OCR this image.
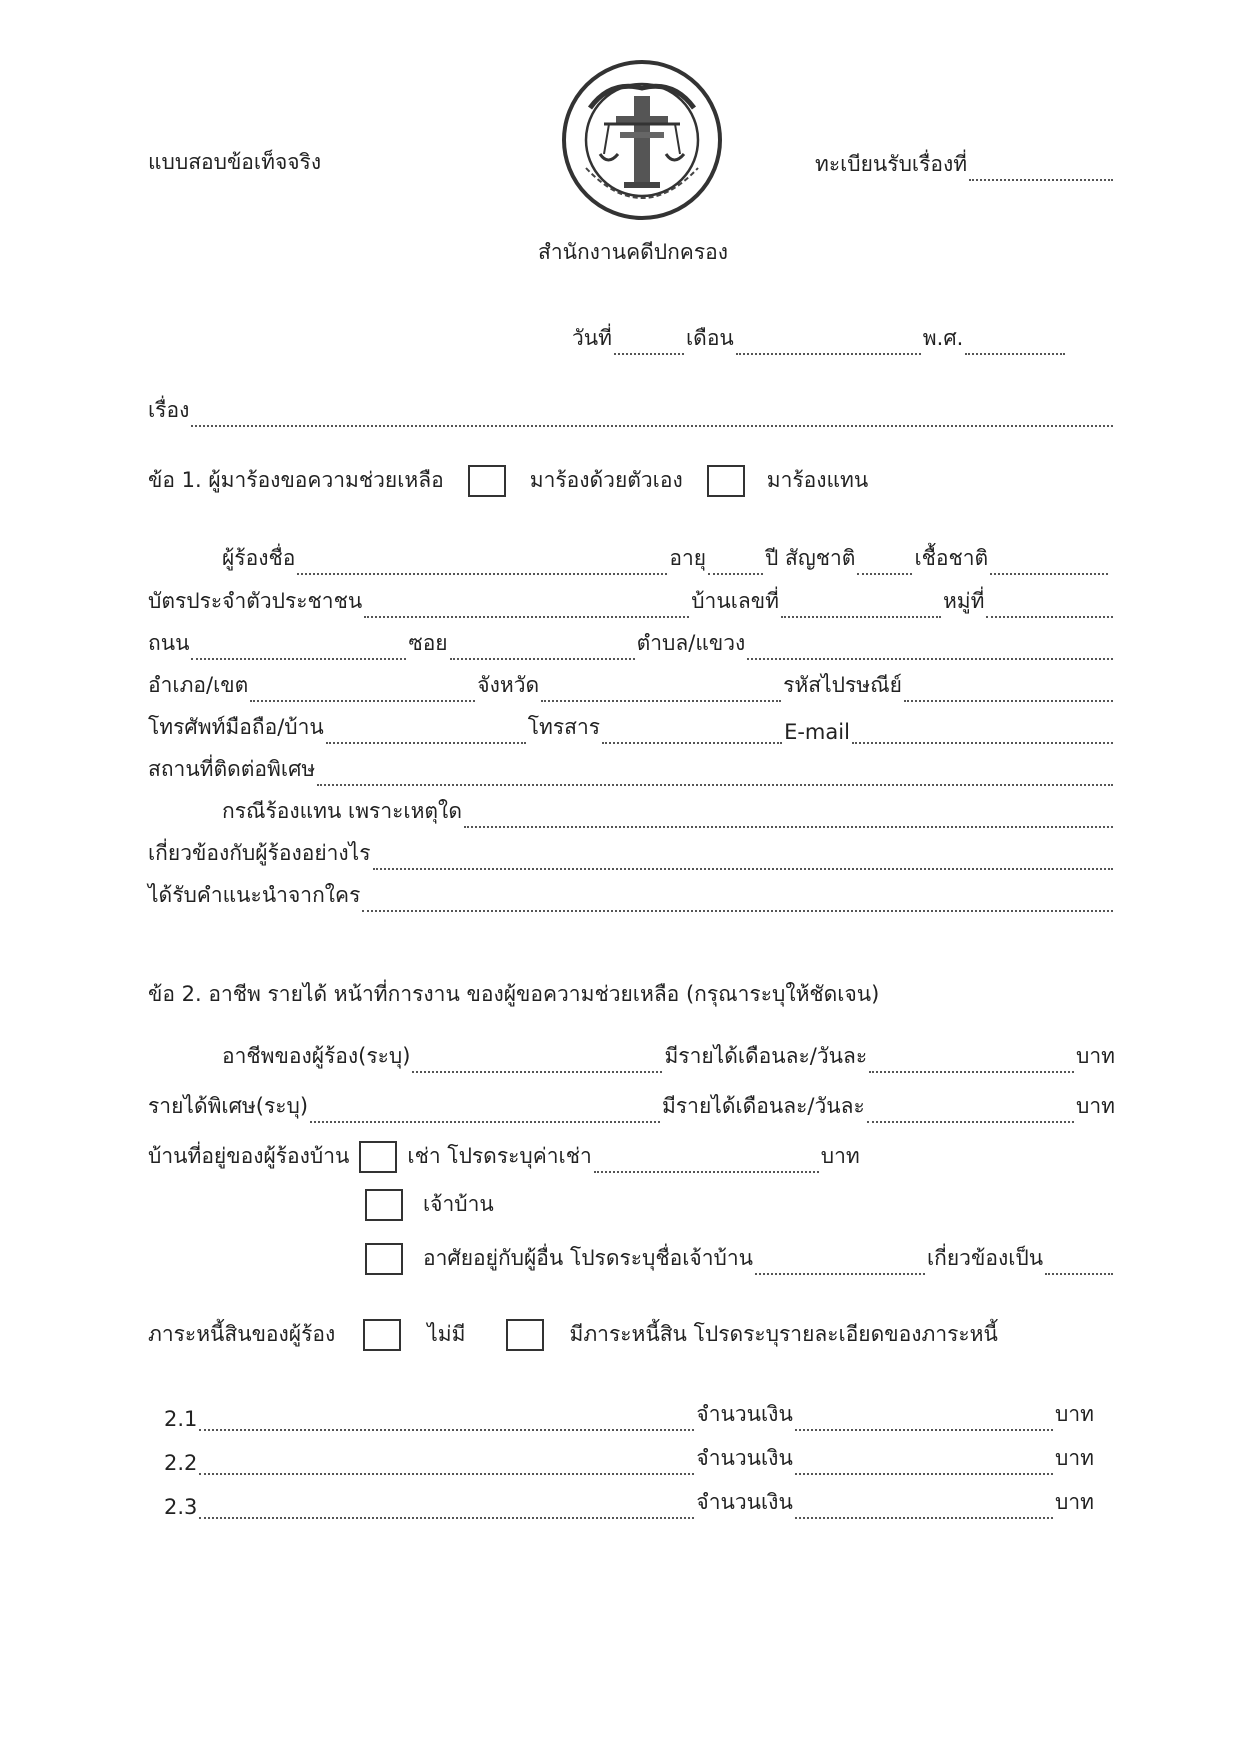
แบบสอบข้อเท็จจริง	ทะเบียนรับเรื่องที่
สำนักงานคดีปกครอง
วันที่	เดือน	พ.ศ.
เรื่อง
ข้อ 1. ผู้มาร้องขอความช่วยเหลือ	มาร้องด้วยตัวเอง	มาร้องแทน
ผู้ร้องชื่อ	อายุ	ปี สัญชาติ	เชื้อชาติ
บัตรประจำตัวประชาชน	บ้านเลขที่	หมู่ที่
ถนน	ซอย	ตำบล/แขวง
อำเภอ/เขต	จังหวัด	รหัสไปรษณีย์
โทรศัพท์มือถือ/บ้าน	โทรสาร	E-mail
สถานที่ติดต่อพิเศษ
กรณีร้องแทน เพราะเหตุใด
เกี่ยวข้องกับผู้ร้องอย่างไร
ได้รับคำแนะนำจากใคร
ข้อ 2. อาชีพ รายได้ หน้าที่การงาน ของผู้ขอความช่วยเหลือ (กรุณาระบุให้ชัดเจน)
อาชีพของผู้ร้อง(ระบุ)	มีรายได้เดือนละ/วันละ	บาท
รายได้พิเศษ(ระบุ)	มีรายได้เดือนละ/วันละ	บาท
บ้านที่อยู่ของผู้ร้องบ้าน	เช่า โปรดระบุค่าเช่า	บาท
เจ้าบ้าน
อาศัยอยู่กับผู้อื่น โปรดระบุชื่อเจ้าบ้าน	เกี่ยวข้องเป็น
ภาระหนี้สินของผู้ร้อง	ไม่มี	มีภาระหนี้สิน โปรดระบุรายละเอียดของภาระหนี้
2.1	จำนวนเงิน	บาท
2.2	จำนวนเงิน	บาท
2.3	จำนวนเงิน	บาท
